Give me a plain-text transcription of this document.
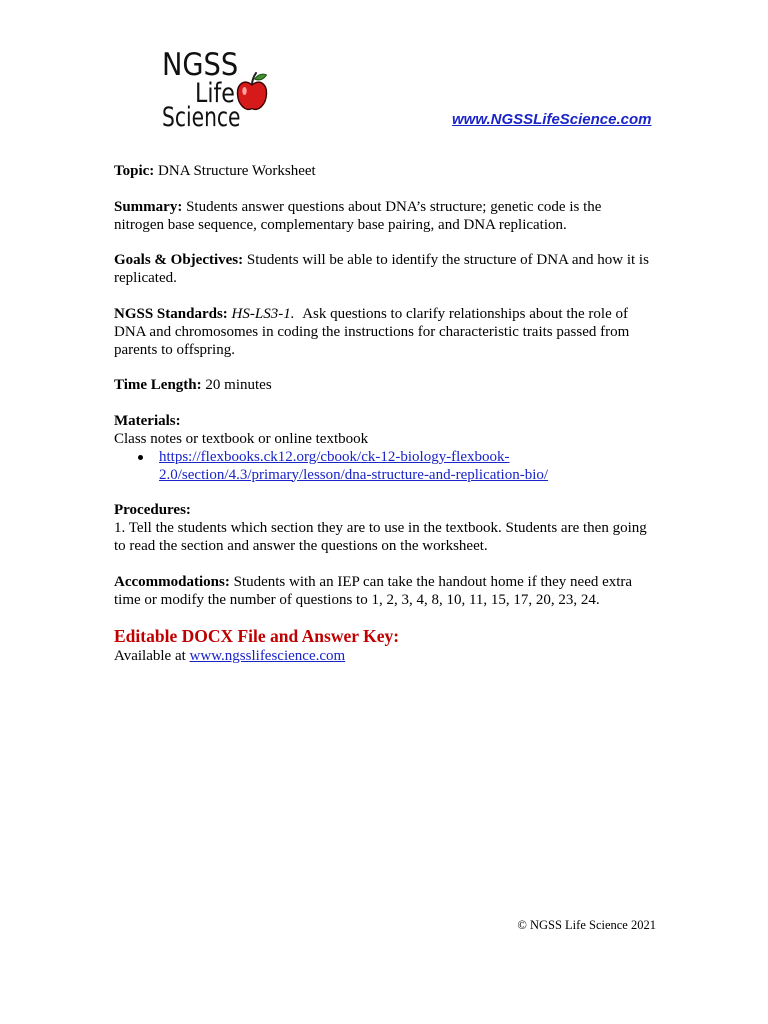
NGSS
Life
Science	www.NGSSLifeScience.com

Topic: DNA Structure Worksheet

Summary: Students answer questions about DNA’s structure; genetic code is the nitrogen base sequence, complementary base pairing, and DNA replication.

Goals & Objectives: Students will be able to identify the structure of DNA and how it is replicated.

NGSS Standards: HS-LS3-1. Ask questions to clarify relationships about the role of DNA and chromosomes in coding the instructions for characteristic traits passed from parents to offspring.

Time Length: 20 minutes

Materials:
Class notes or textbook or online textbook
https://flexbooks.ck12.org/cbook/ck-12-biology-flexbook-2.0/section/4.3/primary/lesson/dna-structure-and-replication-bio/
Procedures:
1. Tell the students which section they are to use in the textbook. Students are then going to read the section and answer the questions on the worksheet.

Accommodations: Students with an IEP can take the handout home if they need extra time or modify the number of questions to 1, 2, 3, 4, 8, 10, 11, 15, 17, 20, 23, 24.

Editable DOCX File and Answer Key:
Available at www.ngsslifescience.com
© NGSS Life Science 2021
